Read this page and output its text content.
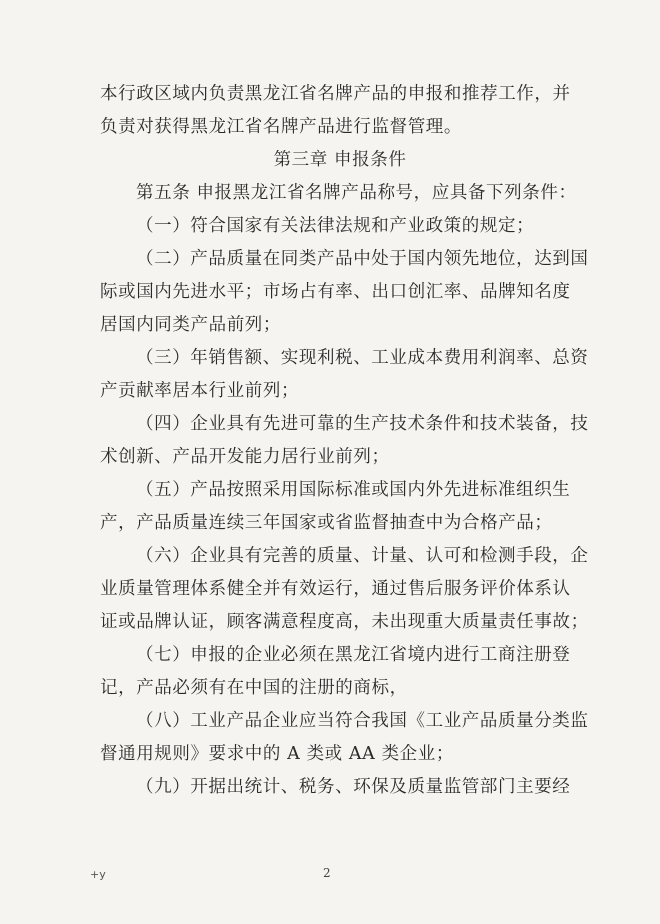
本行政区域内负责黑龙江省名牌产品的申报和推荐工作，并
负责对获得黑龙江省名牌产品进行监督管理。
第三章 申报条件
第五条 申报黑龙江省名牌产品称号，应具备下列条件：
（一）符合国家有关法律法规和产业政策的规定；
（二）产品质量在同类产品中处于国内领先地位，达到国
际或国内先进水平；市场占有率、出口创汇率、品牌知名度
居国内同类产品前列；
（三）年销售额、实现利税、工业成本费用利润率、总资
产贡献率居本行业前列；
（四）企业具有先进可靠的生产技术条件和技术装备，技
术创新、产品开发能力居行业前列；
（五）产品按照采用国际标准或国内外先进标准组织生
产，产品质量连续三年国家或省监督抽查中为合格产品；
（六）企业具有完善的质量、计量、认可和检测手段，企
业质量管理体系健全并有效运行，通过售后服务评价体系认
证或品牌认证，顾客满意程度高，未出现重大质量责任事故；
（七）申报的企业必须在黑龙江省境内进行工商注册登
记，产品必须有在中国的注册的商标，
（八）工业产品企业应当符合我国《工业产品质量分类监
督通用规则》要求中的 A 类或 AA 类企业；
（九）开据出统计、税务、环保及质量监管部门主要经
+y	2
